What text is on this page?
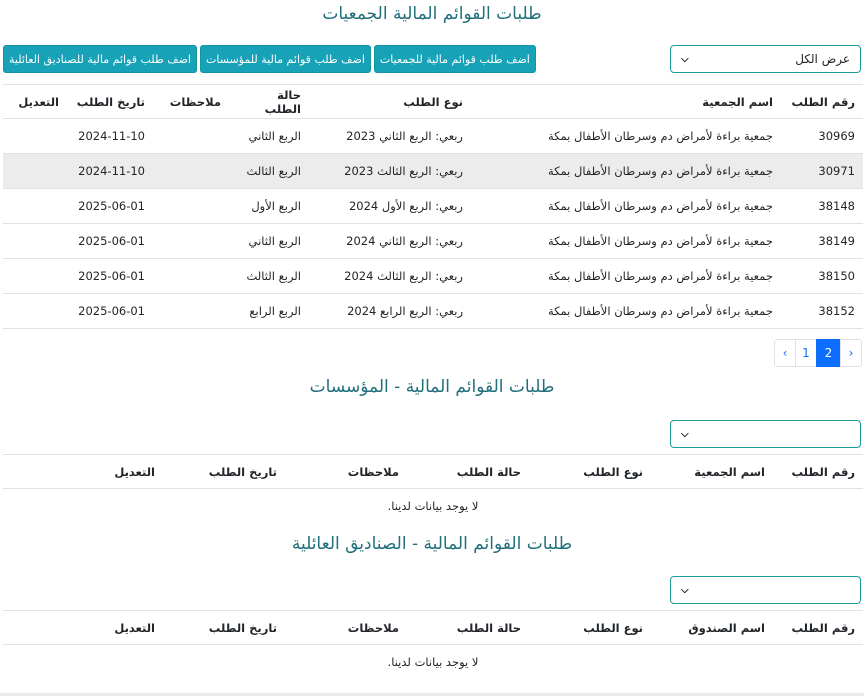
طلبات القوائم المالية الجمعيات
عرض الكل
⌵
اضف طلب قوائم مالية للجمعيات
اضف طلب قوائم مالية للمؤسسات
اضف طلب قوائم مالية للصناديق العائلية
رقم الطلب	اسم الجمعية	نوع الطلب	حالة الطلب	ملاحظات	تاريخ الطلب	التعديل
30969	جمعية براءة لأمراض دم وسرطان الأطفال بمكة	ربعي: الربع الثاني 2023	الربع الثاني		2024-11-10	
30971	جمعية براءة لأمراض دم وسرطان الأطفال بمكة	ربعي: الربع الثالث 2023	الربع الثالث		2024-11-10	
38148	جمعية براءة لأمراض دم وسرطان الأطفال بمكة	ربعي: الربع الأول 2024	الربع الأول		2025-06-01	
38149	جمعية براءة لأمراض دم وسرطان الأطفال بمكة	ربعي: الربع الثاني 2024	الربع الثاني		2025-06-01	
38150	جمعية براءة لأمراض دم وسرطان الأطفال بمكة	ربعي: الربع الثالث 2024	الربع الثالث		2025-06-01	
38152	جمعية براءة لأمراض دم وسرطان الأطفال بمكة	ربعي: الربع الرابع 2024	الربع الرابع		2025-06-01	
‹	1	2	›
طلبات القوائم المالية - المؤسسات
⌵
رقم الطلب	اسم الجمعية	نوع الطلب	حالة الطلب	ملاحظات	تاريخ الطلب	التعديل
لا يوجد بيانات لدينا.
طلبات القوائم المالية - الصناديق العائلية
⌵
رقم الطلب	اسم الصندوق	نوع الطلب	حالة الطلب	ملاحظات	تاريخ الطلب	التعديل
لا يوجد بيانات لدينا.
